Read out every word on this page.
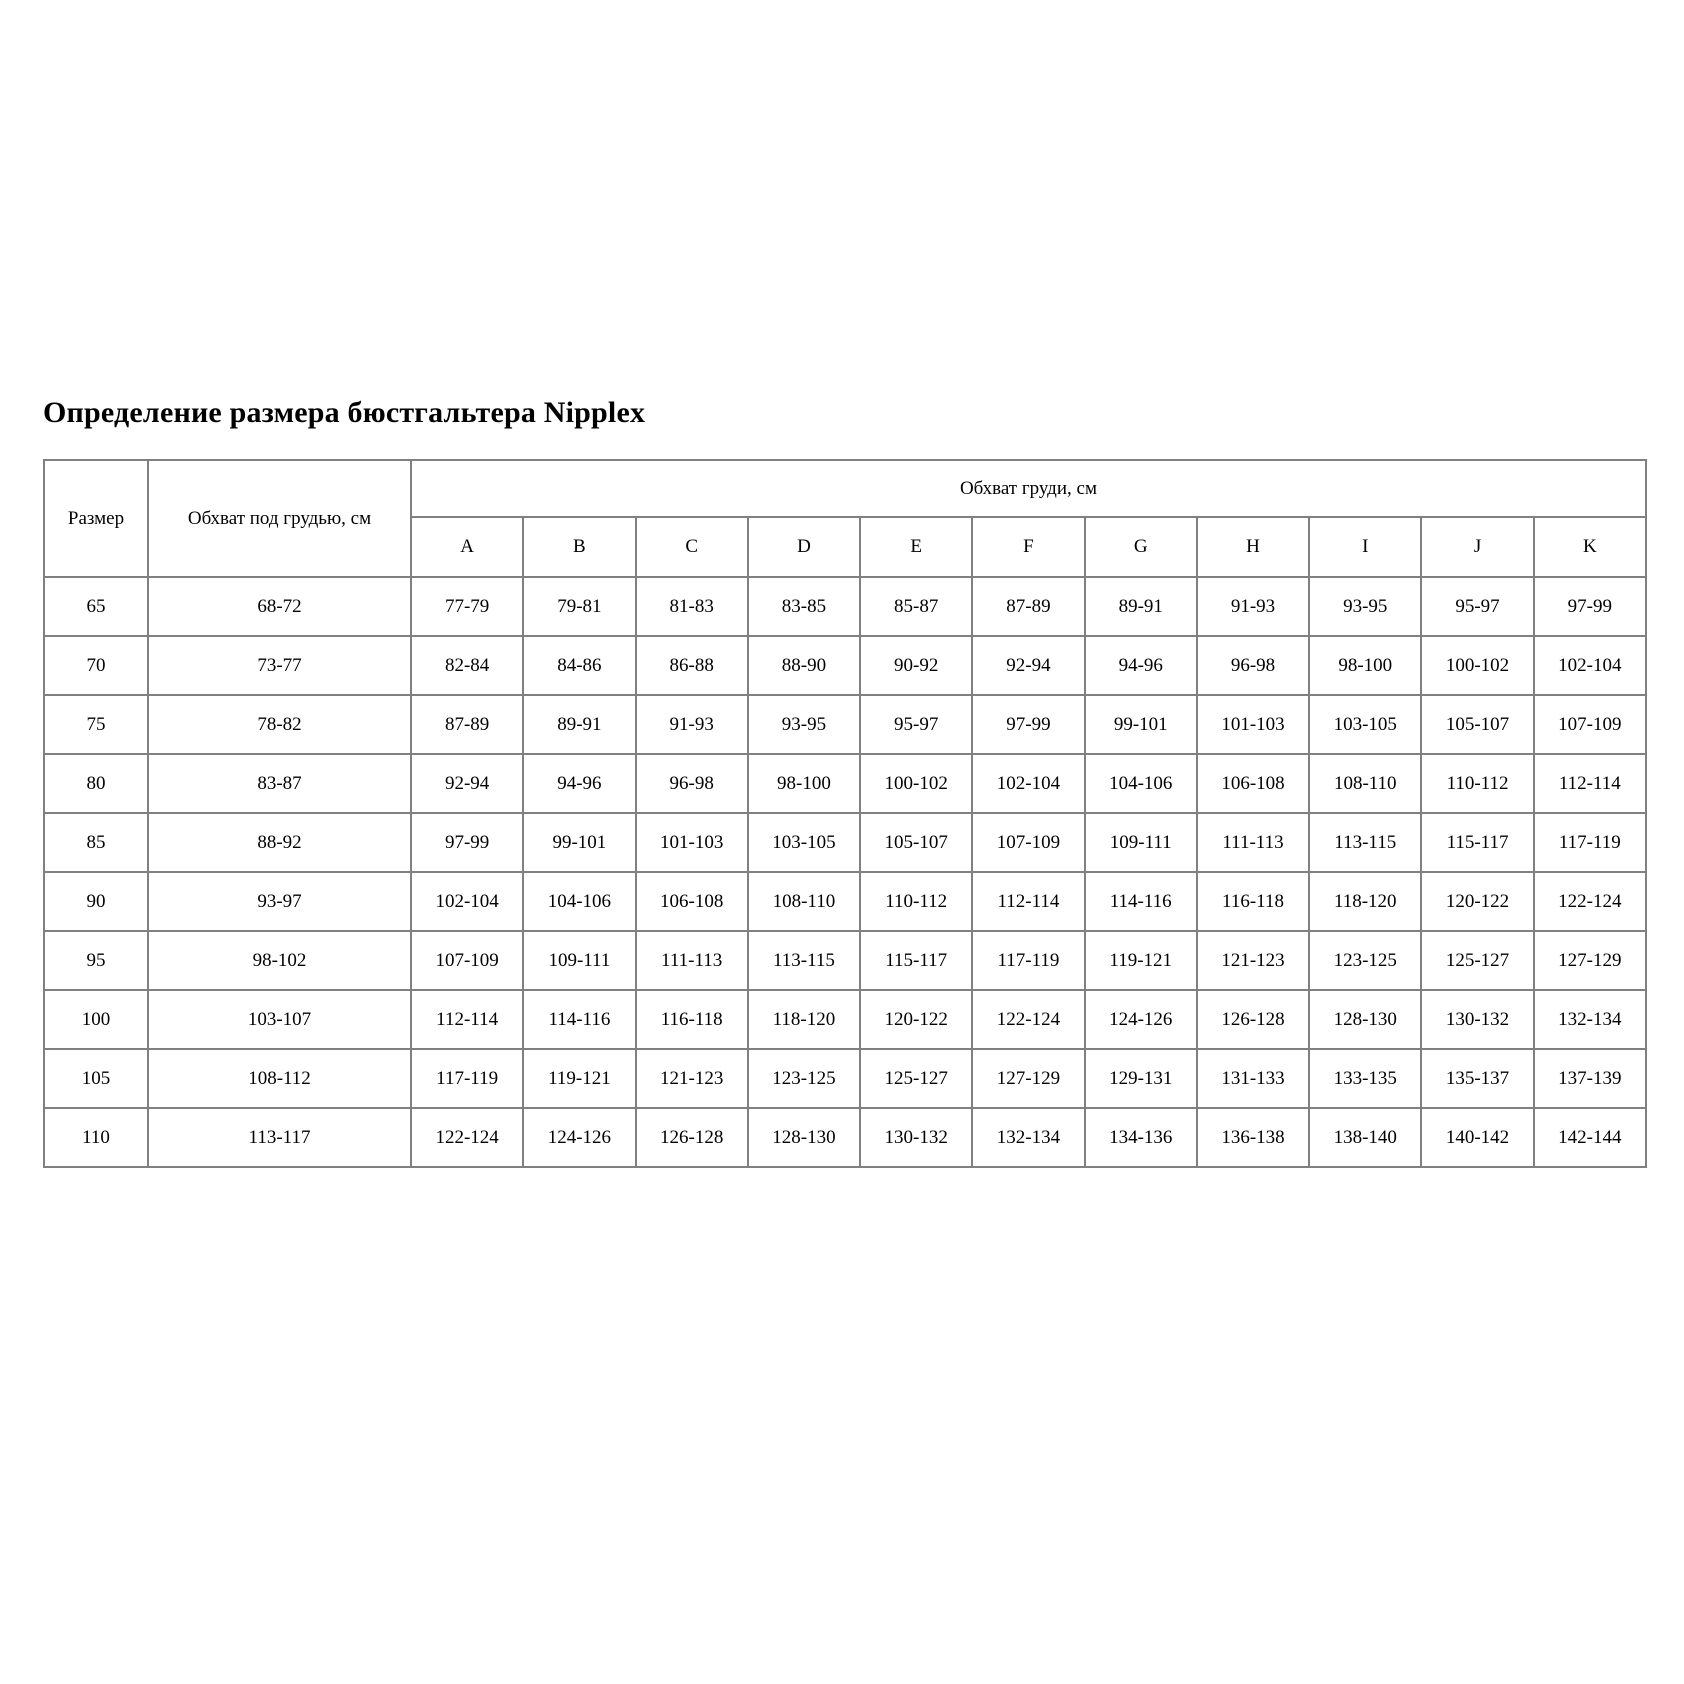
Определение размера бюстгальтера Nipplex
Размер	Обхват под грудью, см	Обхват груди, см										
		A	B	C	D	E	F	G	H	I	J	K
65	68-72	77-79	79-81	81-83	83-85	85-87	87-89	89-91	91-93	93-95	95-97	97-99
70	73-77	82-84	84-86	86-88	88-90	90-92	92-94	94-96	96-98	98-100	100-102	102-104
75	78-82	87-89	89-91	91-93	93-95	95-97	97-99	99-101	101-103	103-105	105-107	107-109
80	83-87	92-94	94-96	96-98	98-100	100-102	102-104	104-106	106-108	108-110	110-112	112-114
85	88-92	97-99	99-101	101-103	103-105	105-107	107-109	109-111	111-113	113-115	115-117	117-119
90	93-97	102-104	104-106	106-108	108-110	110-112	112-114	114-116	116-118	118-120	120-122	122-124
95	98-102	107-109	109-111	111-113	113-115	115-117	117-119	119-121	121-123	123-125	125-127	127-129
100	103-107	112-114	114-116	116-118	118-120	120-122	122-124	124-126	126-128	128-130	130-132	132-134
105	108-112	117-119	119-121	121-123	123-125	125-127	127-129	129-131	131-133	133-135	135-137	137-139
110	113-117	122-124	124-126	126-128	128-130	130-132	132-134	134-136	136-138	138-140	140-142	142-144
